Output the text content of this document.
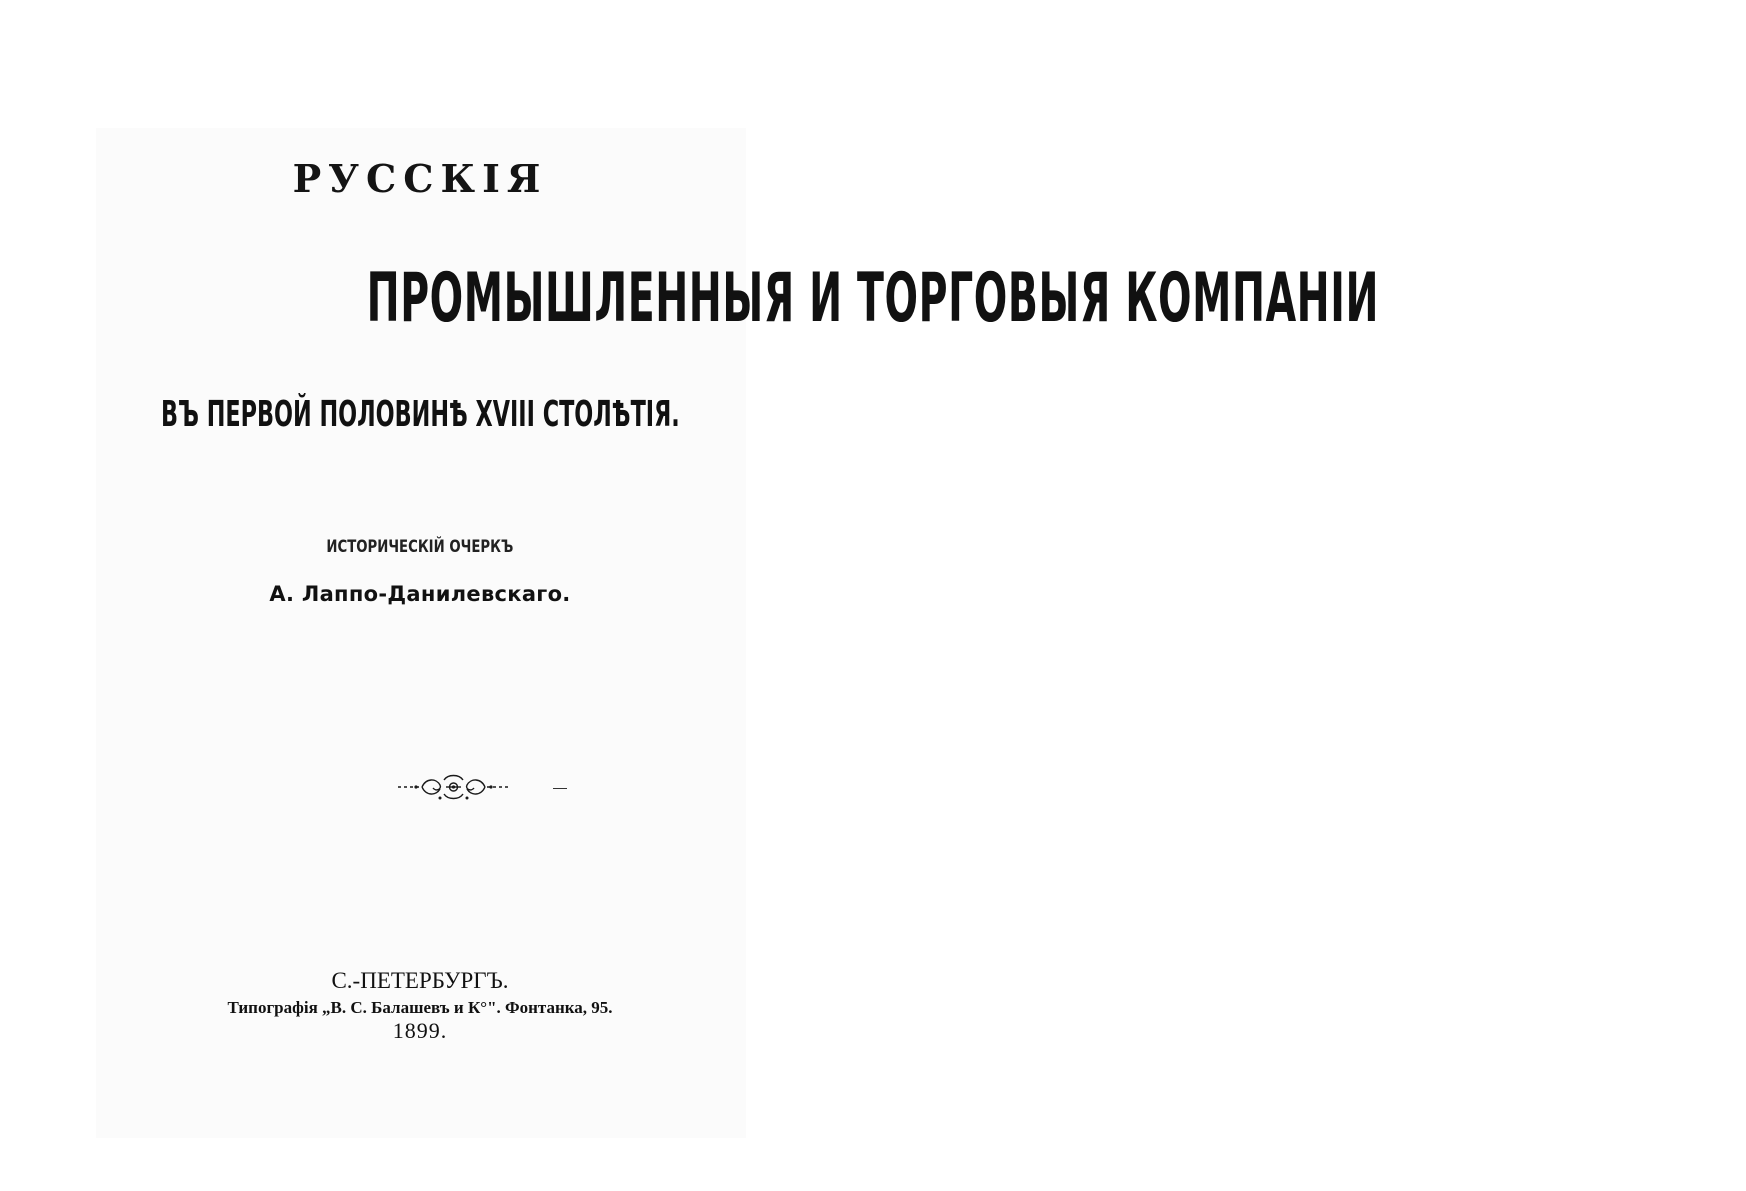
РУССКІЯ
ПРОМЫШЛЕННЫЯ И ТОРГОВЫЯ КОМПАНІИ
ВЪ ПЕРВОЙ ПОЛОВИНѢ XVIII СТОЛѢТІЯ.
ИСТОРИЧЕСКІЙ ОЧЕРКЪ
А. Лаппо-Данилевскаго.
С.-ПЕТЕРБУРГЪ.
Типографія „В. С. Балашевъ и К°". Фонтанка, 95.
1899.
